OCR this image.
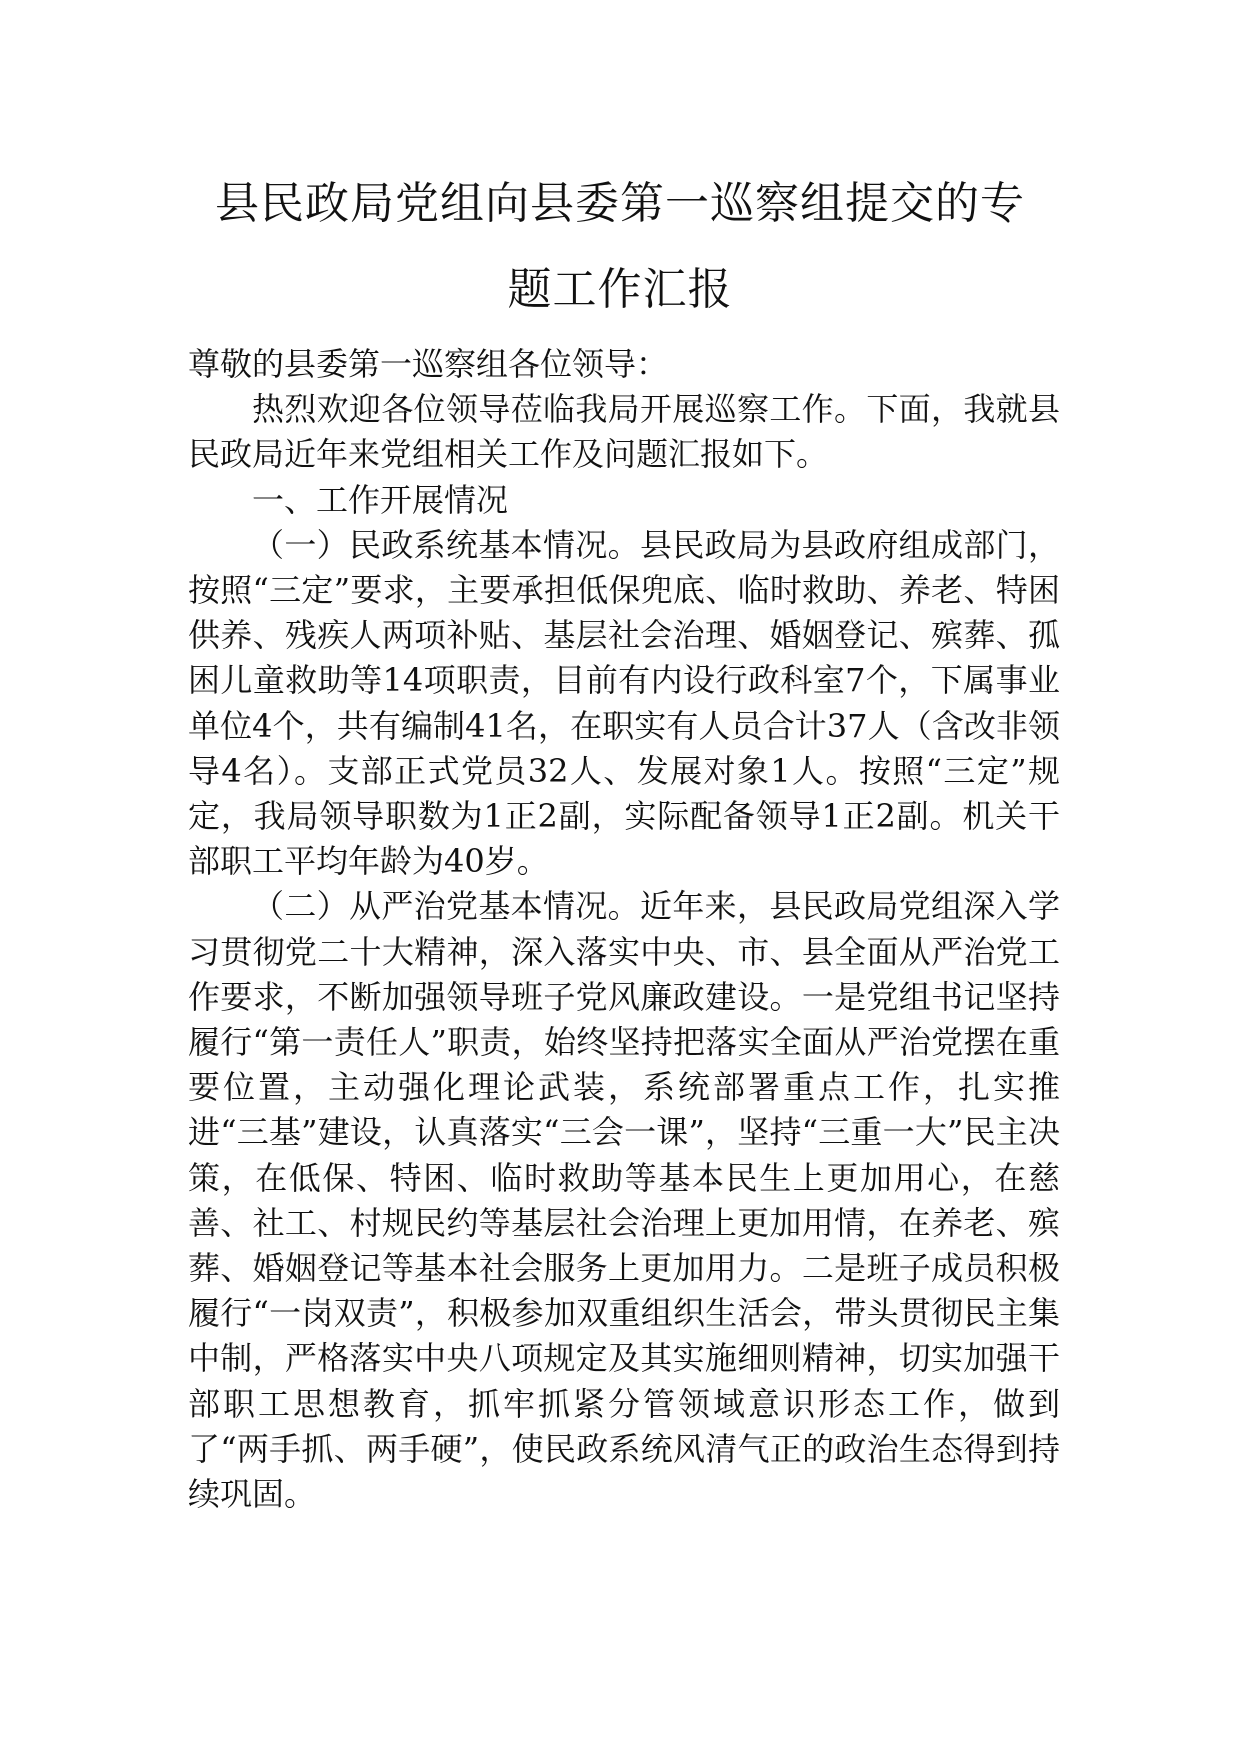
县民政局党组向县委第一巡察组提交的专
题工作汇报

尊敬的县委第一巡察组各位领导：

热烈欢迎各位领导莅临我局开展巡察工作。下面，我就县民政局近年来党组相关工作及问题汇报如下。

一、工作开展情况

（一）民政系统基本情况。县民政局为县政府组成部门，按照“三定”要求，主要承担低保兜底、临时救助、养老、特困供养、残疾人两项补贴、基层社会治理、婚姻登记、殡葬、孤困儿童救助等14项职责，目前有内设行政科室7个，下属事业单位4个，共有编制41名，在职实有人员合计37人（含改非领导4名）。支部正式党员32人、发展对象1人。按照“三定”规定，我局领导职数为1正2副，实际配备领导1正2副。机关干部职工平均年龄为40岁。

（二）从严治党基本情况。近年来，县民政局党组深入学习贯彻党二十大精神，深入落实中央、市、县全面从严治党工作要求，不断加强领导班子党风廉政建设。一是党组书记坚持履行“第一责任人”职责，始终坚持把落实全面从严治党摆在重要位置，主动强化理论武装，系统部署重点工作，扎实推进“三基”建设，认真落实“三会一课”，坚持“三重一大”民主决策，在低保、特困、临时救助等基本民生上更加用心，在慈善、社工、村规民约等基层社会治理上更加用情，在养老、殡葬、婚姻登记等基本社会服务上更加用力。二是班子成员积极履行“一岗双责”，积极参加双重组织生活会，带头贯彻民主集中制，严格落实中央八项规定及其实施细则精神，切实加强干部职工思想教育，抓牢抓紧分管领域意识形态工作，做到了“两手抓、两手硬”，使民政系统风清气正的政治生态得到持续巩固。
